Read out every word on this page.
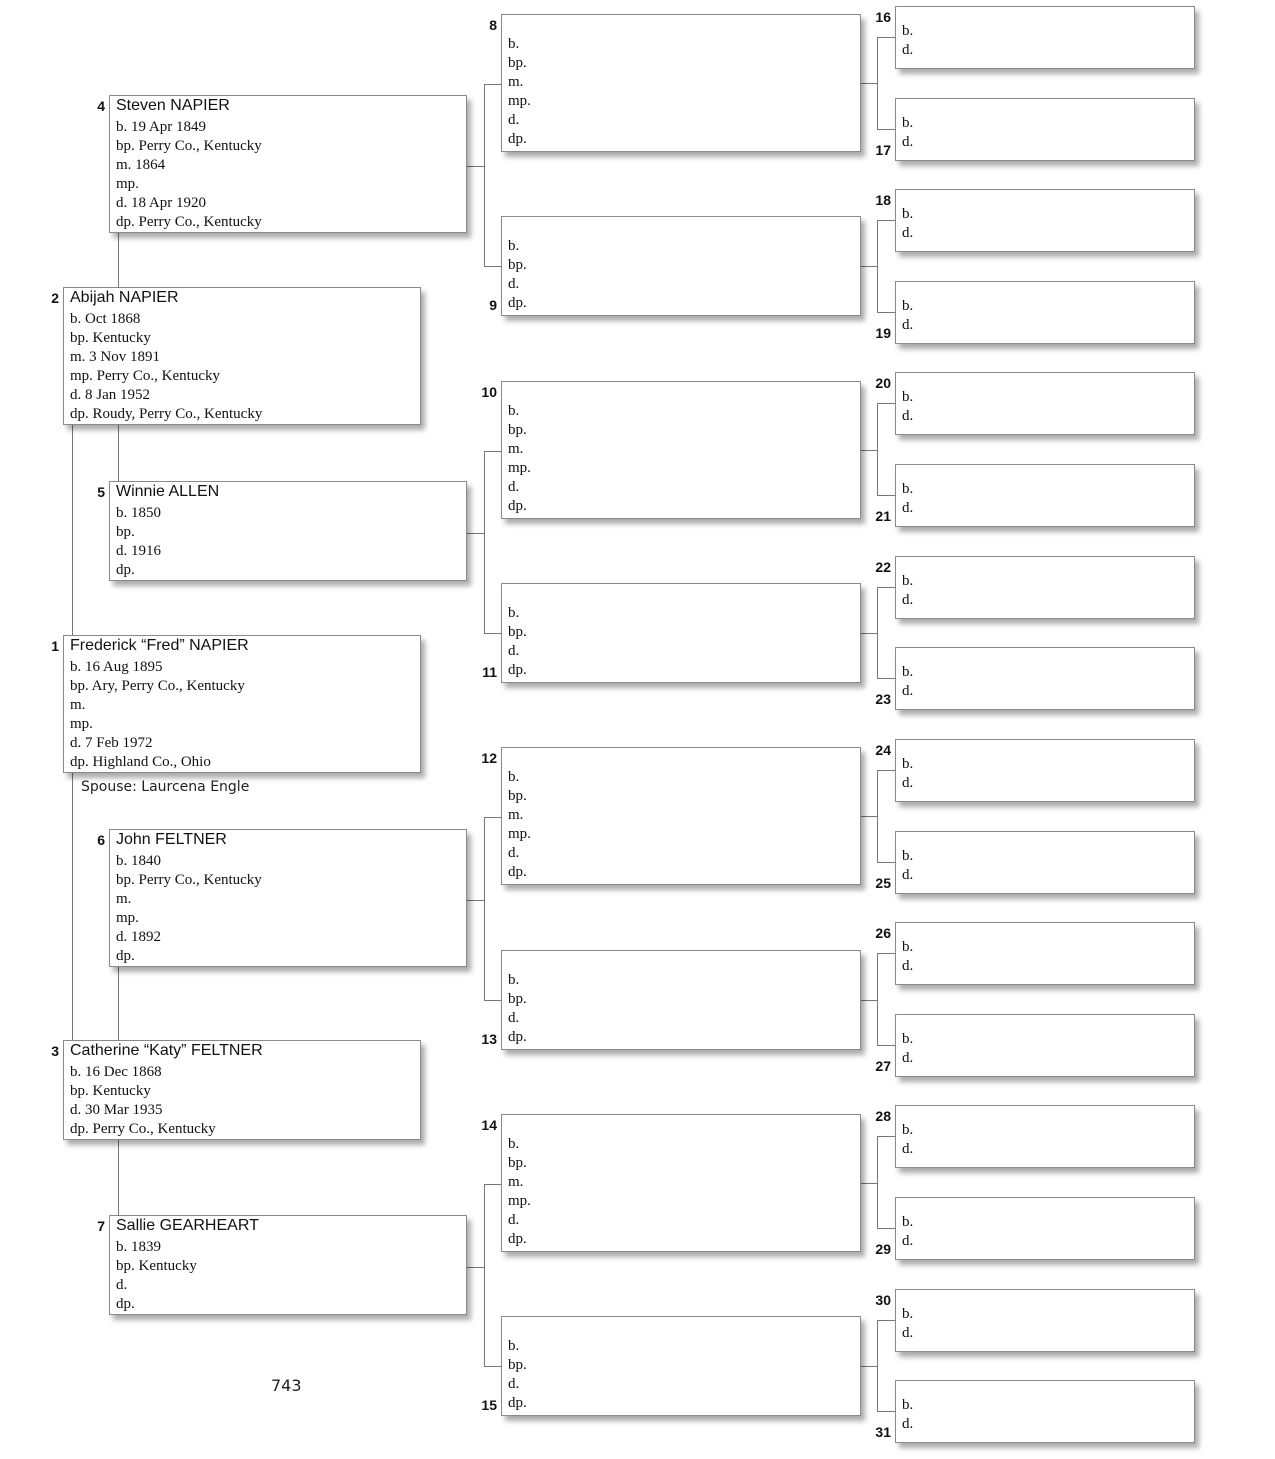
Frederick “Fred” NAPIER
b. 16 Aug 1895
bp. Ary, Perry Co., Kentucky
m.
mp.
d. 7 Feb 1972
dp. Highland Co., Ohio
1
Abijah NAPIER
b. Oct 1868
bp. Kentucky
m. 3 Nov 1891
mp. Perry Co., Kentucky
d. 8 Jan 1952
dp. Roudy, Perry Co., Kentucky
2
Catherine “Katy” FELTNER
b. 16 Dec 1868
bp. Kentucky
d. 30 Mar 1935
dp. Perry Co., Kentucky
3
Steven NAPIER
b. 19 Apr 1849
bp. Perry Co., Kentucky
m. 1864
mp.
d. 18 Apr 1920
dp. Perry Co., Kentucky
4
Winnie ALLEN
b. 1850
bp.
d. 1916
dp.
5
John FELTNER
b. 1840
bp. Perry Co., Kentucky
m.
mp.
d. 1892
dp.
6
Sallie GEARHEART
b. 1839
bp. Kentucky
d.
dp.
7
b.
bp.
m.
mp.
d.
dp.
8
b.
bp.
d.
dp.
9
b.
bp.
m.
mp.
d.
dp.
10
b.
bp.
d.
dp.
11
b.
bp.
m.
mp.
d.
dp.
12
b.
bp.
d.
dp.
13
b.
bp.
m.
mp.
d.
dp.
14
b.
bp.
d.
dp.
15
b.
d.
16
b.
d.
17
b.
d.
18
b.
d.
19
b.
d.
20
b.
d.
21
b.
d.
22
b.
d.
23
b.
d.
24
b.
d.
25
b.
d.
26
b.
d.
27
b.
d.
28
b.
d.
29
b.
d.
30
b.
d.
31
Spouse: Laurcena Engle
743
